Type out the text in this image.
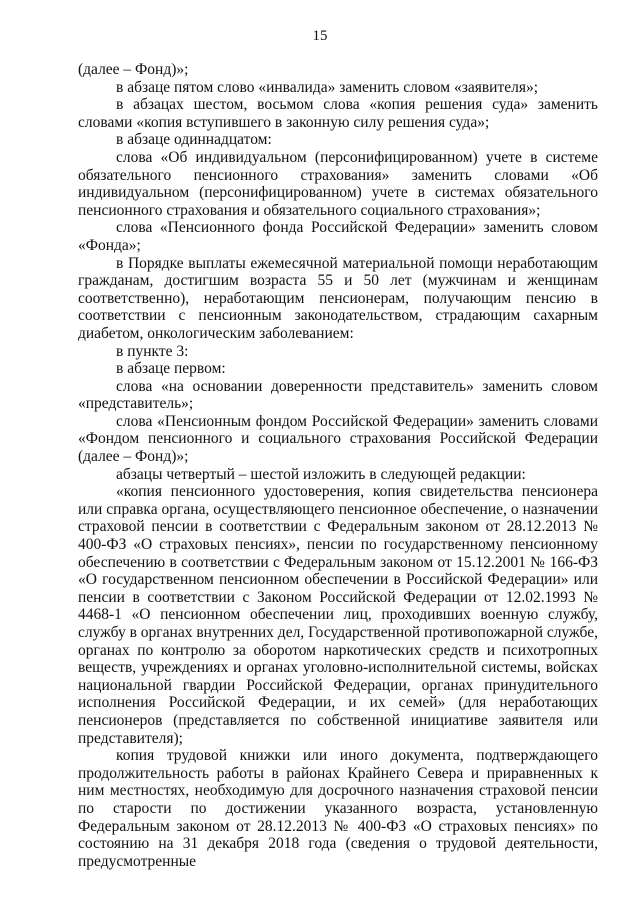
15

(далее – Фонд)»;

в абзаце пятом слово «инвалида» заменить словом «заявителя»;

в абзацах шестом, восьмом слова «копия решения суда» заменить словами «копия вступившего в законную силу решения суда»;

в абзаце одиннадцатом:

слова «Об индивидуальном (персонифицированном) учете в системе обязательного пенсионного страхования» заменить словами «Об индивидуальном (персонифицированном) учете в системах обязательного пенсионного страхования и обязательного социального страхования»;

слова «Пенсионного фонда Российской Федерации» заменить словом «Фонда»;

в Порядке выплаты ежемесячной материальной помощи неработающим гражданам, достигшим возраста 55 и 50 лет (мужчинам и женщинам соответственно), неработающим пенсионерам, получающим пенсию в соответствии с пенсионным законодательством, страдающим сахарным диабетом, онкологическим заболеванием:

в пункте 3:

в абзаце первом:

слова «на основании доверенности представитель» заменить словом «представитель»;

слова «Пенсионным фондом Российской Федерации» заменить словами «Фондом пенсионного и социального страхования Российской Федерации (далее – Фонд)»;

абзацы четвертый – шестой изложить в следующей редакции:

«копия пенсионного удостоверения, копия свидетельства пенсионера или справка органа, осуществляющего пенсионное обеспечение, о назначении страховой пенсии в соответствии с Федеральным законом от 28.12.2013 № 400-ФЗ «О страховых пенсиях», пенсии по государственному пенсионному обеспечению в соответствии с Федеральным законом от 15.12.2001 № 166-ФЗ «О государственном пенсионном обеспечении в Российской Федерации» или пенсии в соответствии с Законом Российской Федерации от 12.02.1993 № 4468-1 «О пенсионном обеспечении лиц, проходивших военную службу, службу в органах внутренних дел, Государственной противопожарной службе, органах по контролю за оборотом наркотических средств и психотропных веществ, учреждениях и органах уголовно-исполнительной системы, войсках национальной гвардии Российской Федерации, органах принудительного исполнения Российской Федерации, и их семей» (для неработающих пенсионеров (представляется по собственной инициативе заявителя или представителя);

копия трудовой книжки или иного документа, подтверждающего продолжительность работы в районах Крайнего Севера и приравненных к ним местностях, необходимую для досрочного назначения страховой пенсии по старости по достижении указанного возраста, установленную Федеральным законом от 28.12.2013 № 400-ФЗ «О страховых пенсиях» по состоянию на 31 декабря 2018 года (сведения о трудовой деятельности, предусмотренные
